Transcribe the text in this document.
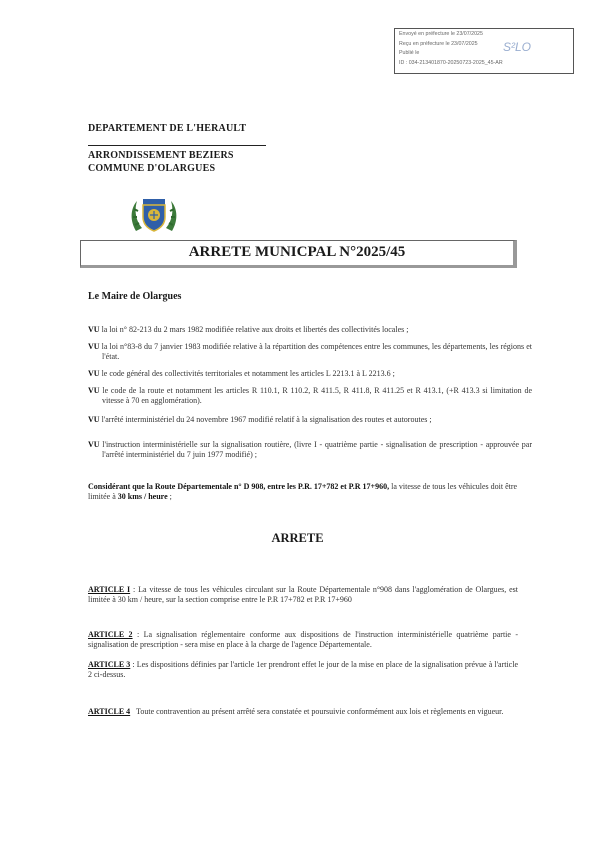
Envoyé en préfecture le 23/07/2025
Reçu en préfecture le 23/07/2025
Publié le
ID : 034-213401870-20250723-2025_45-AR
S²LO
DEPARTEMENT DE L'HERAULT
ARRONDISSEMENT BEZIERS
COMMUNE D'OLARGUES
ARRETE MUNICPAL N°2025/45
Le Maire de Olargues
VU la loi n° 82-213 du 2 mars 1982 modifiée relative aux droits et libertés des collectivités locales ;
VU la loi n°83-8 du 7 janvier 1983 modifiée relative à la répartition des compétences entre les communes, les départements, les régions et l'état.
VU le code général des collectivités territoriales et notamment les articles L 2213.1 à L 2213.6 ;
VU le code de la route et notamment les articles R 110.1, R 110.2, R 411.5, R 411.8, R 411.25 et R 413.1, (+R 413.3 si limitation de vitesse à 70 en agglomération).
VU l'arrêté interministériel du 24 novembre 1967 modifié relatif à la signalisation des routes et autoroutes ;
VU l'instruction interministérielle sur la signalisation routière, (livre I - quatrième partie - signalisation de prescription - approuvée par l'arrêté interministériel du 7 juin 1977 modifié) ;
Considérant que la Route Départementale n° D 908, entre les P.R. 17+782 et P.R 17+960, la vitesse de tous les véhicules doit être limitée à 30 kms / heure ;
ARRETE
ARTICLE I : La vitesse de tous les véhicules circulant sur la Route Départementale n°908 dans l'agglomération de Olargues, est limitée à 30 km / heure, sur la section comprise entre le P.R 17+782 et P.R 17+960
ARTICLE 2 : La signalisation réglementaire conforme aux dispositions de l'instruction interministérielle quatrième partie - signalisation de prescription - sera mise en place à la charge de l'agence Départementale.
ARTICLE 3 : Les dispositions définies par l'article 1er prendront effet le jour de la mise en place de la signalisation prévue à l'article 2 ci-dessus.
ARTICLE 4 Toute contravention au présent arrêté sera constatée et poursuivie conformément aux lois et règlements en vigueur.
